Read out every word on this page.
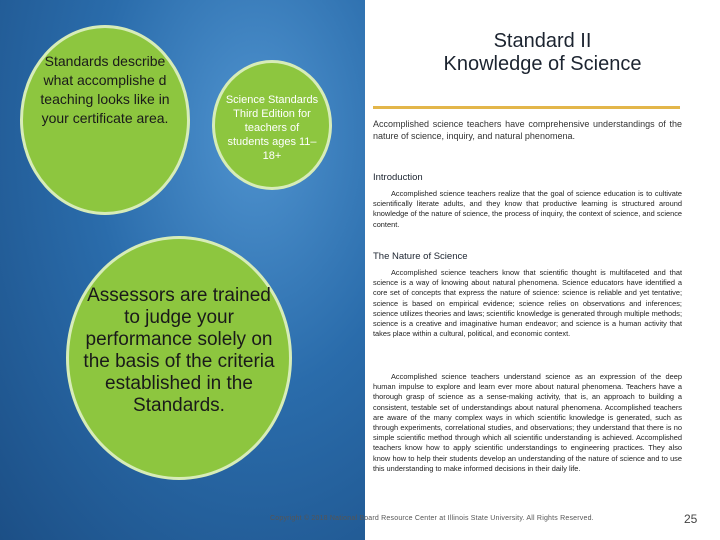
Standards describe what accomplishe d teaching looks like in your certificate area.
Science Standards Third Edition for teachers of students ages 11–18+
Assessors are trained to judge your performance solely on the basis of the criteria established in the Standards.
Standard II
Knowledge of Science
Accomplished science teachers have comprehensive understandings of the nature of science, inquiry, and natural phenomena.
Introduction
Accomplished science teachers realize that the goal of science education is to cultivate scientifically literate adults, and they know that productive learning is structured around knowledge of the nature of science, the process of inquiry, the context of science, and science content.
The Nature of Science
Accomplished science teachers know that scientific thought is multifaceted and that science is a way of knowing about natural phenomena. Science educators have identified a core set of concepts that express the nature of science: science is reliable and yet tentative; science is based on empirical evidence; science relies on observations and inferences; science utilizes theories and laws; scientific knowledge is generated through multiple methods; science is a creative and imaginative human endeavor; and science is a human activity that takes place within a cultural, political, and economic context.
Accomplished science teachers understand science as an expression of the deep human impulse to explore and learn ever more about natural phenomena. Teachers have a thorough grasp of science as a sense-making activity, that is, an approach to building a consistent, testable set of understandings about natural phenomena. Accomplished teachers are aware of the many complex ways in which scientific knowledge is generated, such as through experiments, correlational studies, and observations; they understand that there is no simple scientific method through which all scientific understanding is achieved. Accomplished teachers know how to apply scientific understandings to engineering practices. They also know how to help their students develop an understanding of the nature of science and to use this understanding to make informed decisions in their daily life.
Copyright © 2018 National Board Resource Center at Illinois State University. All Rights Reserved.	25
